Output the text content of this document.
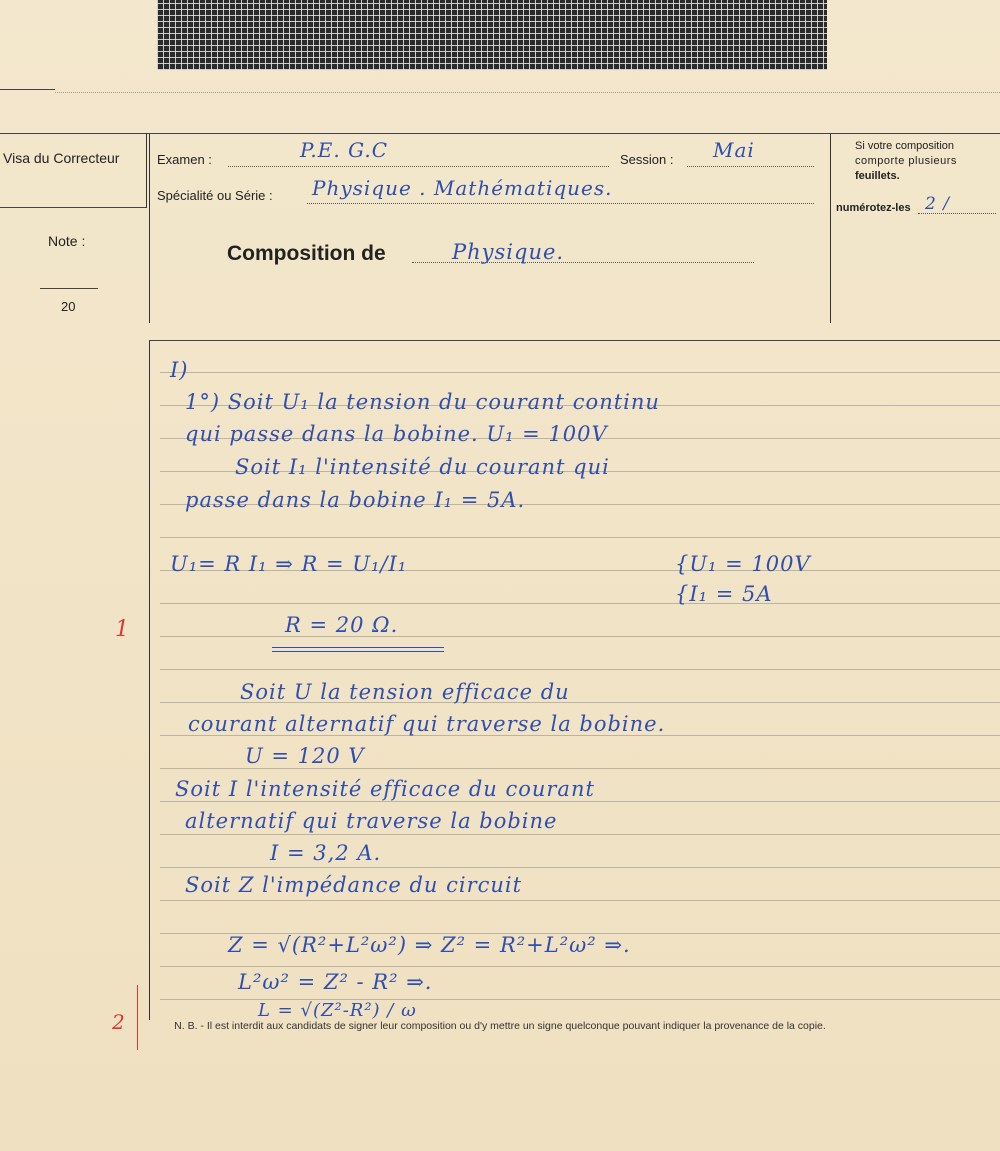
Visa du Correcteur
Note :
20
Examen :	P.E. G.C	Session : Mai
Spécialité ou Série : Physique . Mathématiques.
Composition de	Physique.
Si votre composition
comporte plusieurs
feuillets.
numérotez-les 2 /
I)
1°) Soit U₁ la tension du courant continu
qui passe dans la bobine. U₁ = 100V
Soit I₁ l'intensité du courant qui
passe dans la bobine I₁ = 5A.
U₁= R I₁ ⇒ R = U₁/I₁	{U₁ = 100V
{I₁ = 5A
R = 20 Ω.
Soit U la tension efficace du
courant alternatif qui traverse la bobine.
U = 120 V
Soit I l'intensité efficace du courant
alternatif qui traverse la bobine
I = 3,2 A.
Soit Z l'impédance du circuit
Z = √(R²+L²ω²) ⇒ Z² = R²+L²ω² ⇒.
L²ω² = Z² - R² ⇒.
L = √(Z²-R²) / ω
1
2	N. B. - Il est interdit aux candidats de signer leur composition ou d'y mettre un signe quelconque pouvant indiquer la provenance de la copie.
